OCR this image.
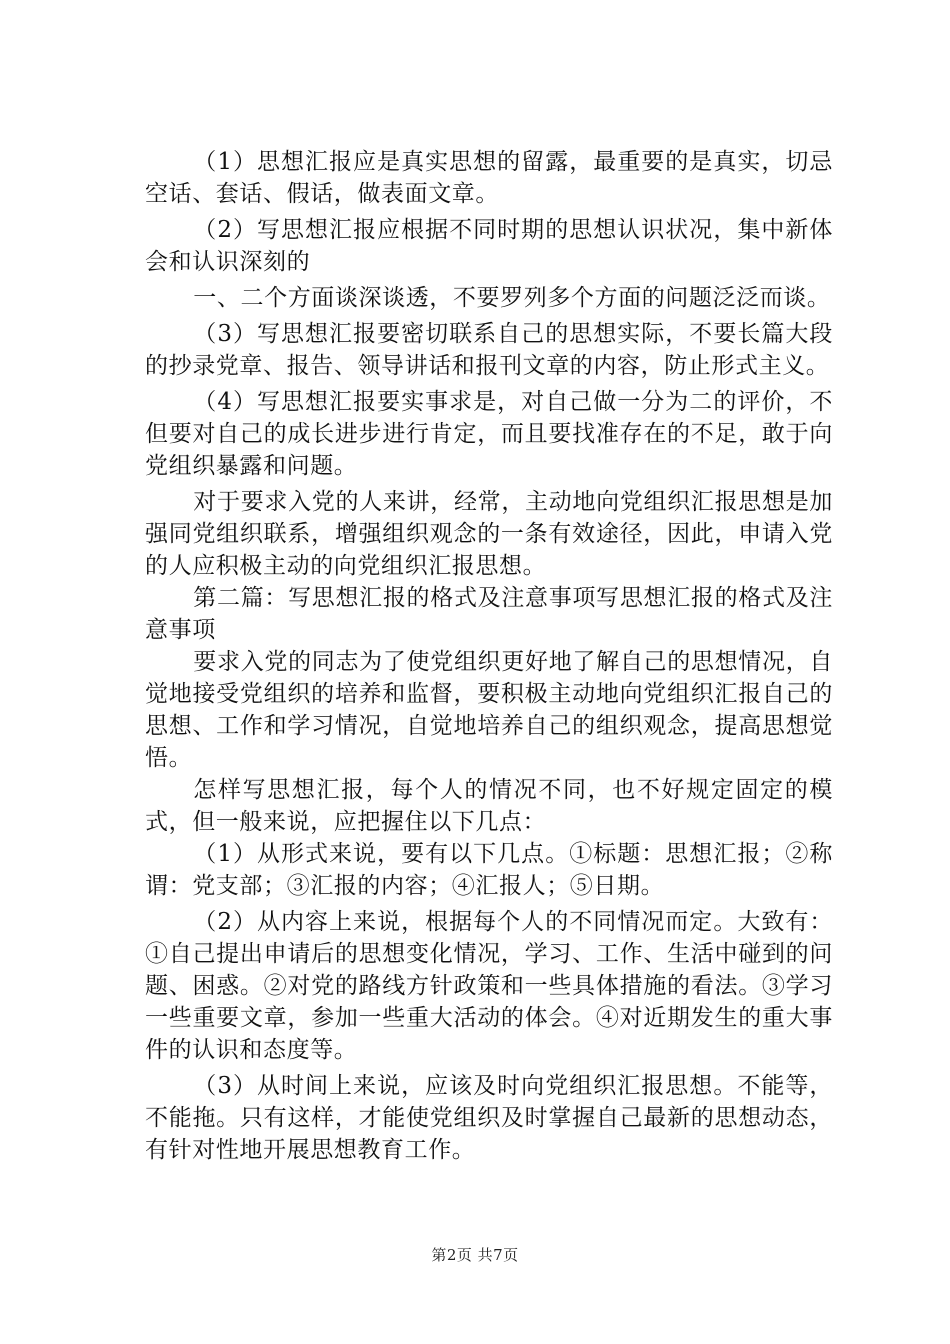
（1）思想汇报应是真实思想的留露，最重要的是真实，切忌空话、套话、假话，做表面文章。

（2）写思想汇报应根据不同时期的思想认识状况，集中新体会和认识深刻的

一、二个方面谈深谈透，不要罗列多个方面的问题泛泛而谈。

（3）写思想汇报要密切联系自己的思想实际，不要长篇大段的抄录党章、报告、领导讲话和报刊文章的内容，防止形式主义。

（4）写思想汇报要实事求是，对自己做一分为二的评价，不但要对自己的成长进步进行肯定，而且要找准存在的不足，敢于向党组织暴露和问题。

对于要求入党的人来讲，经常，主动地向党组织汇报思想是加强同党组织联系，增强组织观念的一条有效途径，因此，申请入党的人应积极主动的向党组织汇报思想。

第二篇：写思想汇报的格式及注意事项写思想汇报的格式及注意事项

要求入党的同志为了使党组织更好地了解自己的思想情况，自觉地接受党组织的培养和监督，要积极主动地向党组织汇报自己的思想、工作和学习情况，自觉地培养自己的组织观念，提高思想觉悟。

怎样写思想汇报，每个人的情况不同，也不好规定固定的模式，但一般来说，应把握住以下几点：

（1）从形式来说，要有以下几点。①标题：思想汇报；②称谓：党支部；③汇报的内容；④汇报人；⑤日期。

（2）从内容上来说，根据每个人的不同情况而定。大致有：①自己提出申请后的思想变化情况，学习、工作、生活中碰到的问题、困惑。②对党的路线方针政策和一些具体措施的看法。③学习一些重要文章，参加一些重大活动的体会。④对近期发生的重大事件的认识和态度等。

（3）从时间上来说，应该及时向党组织汇报思想。不能等，不能拖。只有这样，才能使党组织及时掌握自己最新的思想动态，有针对性地开展思想教育工作。

第2页 共7页
